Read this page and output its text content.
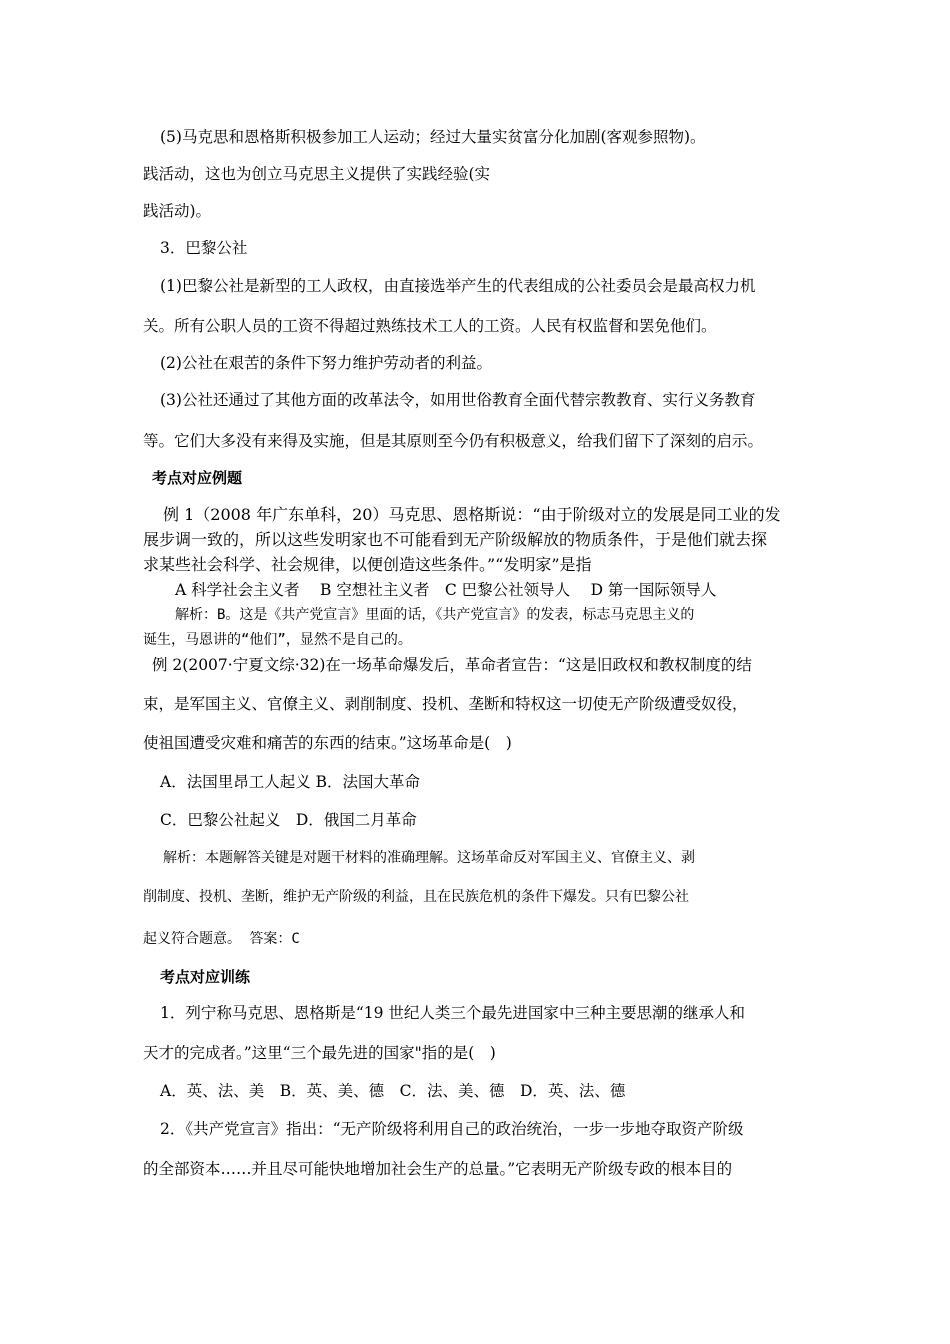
(5)马克思和恩格斯积极参加工人运动；经过大量实贫富分化加剧(客观参照物)。
践活动，这也为创立马克思主义提供了实践经验(实
践活动)。
3．巴黎公社
(1)巴黎公社是新型的工人政权，由直接选举产生的代表组成的公社委员会是最高权力机
关。所有公职人员的工资不得超过熟练技术工人的工资。人民有权监督和罢免他们。
(2)公社在艰苦的条件下努力维护劳动者的利益。
(3)公社还通过了其他方面的改革法令，如用世俗教育全面代替宗教教育、实行义务教育
等。它们大多没有来得及实施，但是其原则至今仍有积极意义，给我们留下了深刻的启示。
考点对应例题
例 1（2008 年广东单科，20）马克思、恩格斯说：“由于阶级对立的发展是同工业的发
展步调一致的，所以这些发明家也不可能看到无产阶级解放的物质条件，于是他们就去探
求某些社会科学、社会规律，以便创造这些条件。”“发明家”是指
A 科学社会主义者　 B 空想社主义者　C 巴黎公社领导人　 D 第一国际领导人
解析：B。这是《共产党宣言》里面的话，《共产党宣言》的发表，标志马克思主义的
诞生，马恩讲的“他们”，显然不是自己的。
例 2(2007·宁夏文综·32)在一场革命爆发后，革命者宣告：“这是旧政权和教权制度的结
束，是军国主义、官僚主义、剥削制度、投机、垄断和特权这一切使无产阶级遭受奴役，
使祖国遭受灾难和痛苦的东西的结束。”这场革命是(　)
A．法国里昂工人起义 B．法国大革命
C．巴黎公社起义　D．俄国二月革命
解析：本题解答关键是对题干材料的准确理解。这场革命反对军国主义、官僚主义、剥
削制度、投机、垄断，维护无产阶级的利益，且在民族危机的条件下爆发。只有巴黎公社
起义符合题意。 答案：C
考点对应训练
1．列宁称马克思、恩格斯是“19 世纪人类三个最先进国家中三种主要思潮的继承人和
天才的完成者。”这里“三个最先进的国家"指的是(　)
A．英、法、美　B．英、美、德　C．法、美、德　D．英、法、德
2．《共产党宣言》指出：“无产阶级将利用自己的政治统治，一步一步地夺取资产阶级
的全部资本……并且尽可能快地增加社会生产的总量。”它表明无产阶级专政的根本目的
